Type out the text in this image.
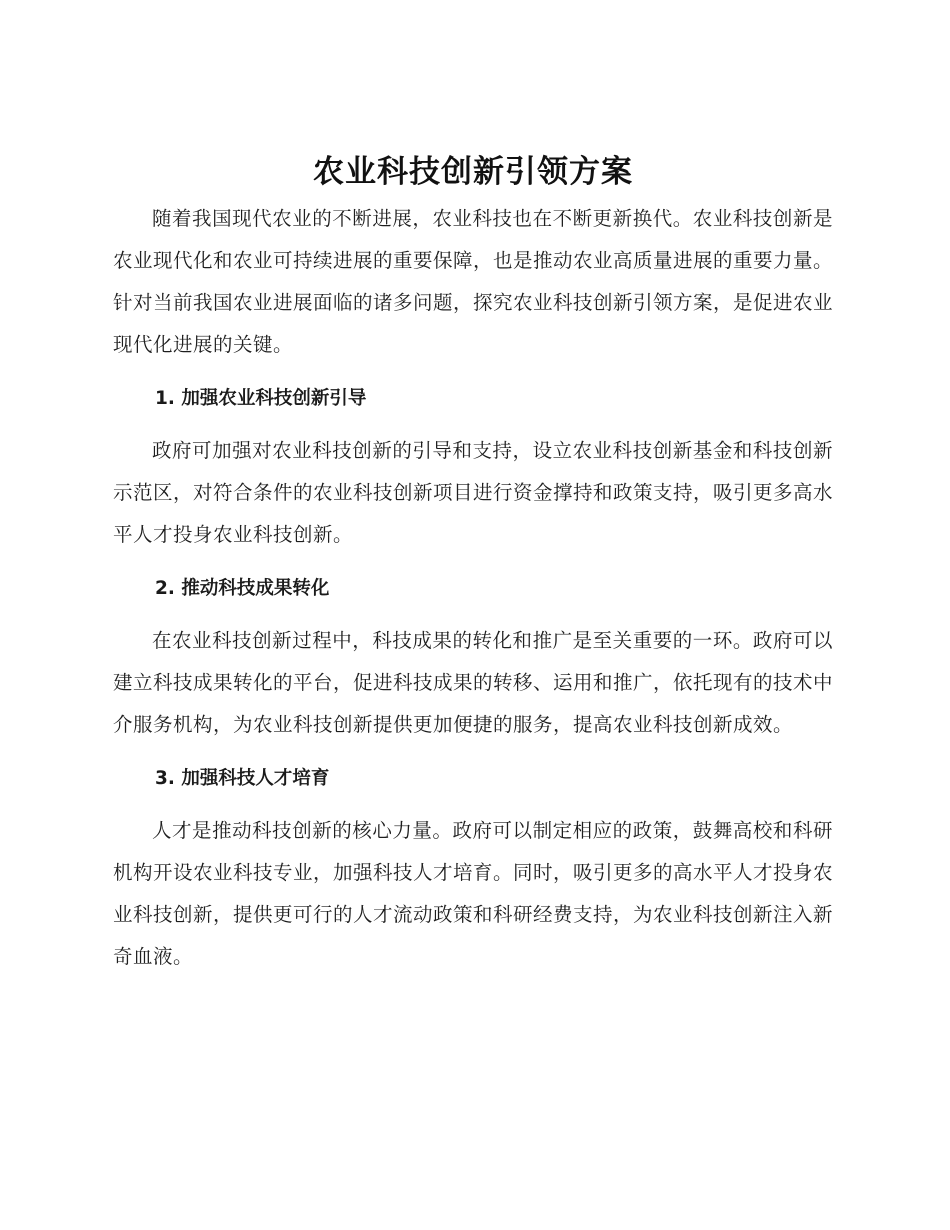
农业科技创新引领方案

随着我国现代农业的不断进展，农业科技也在不断更新换代。农业科技创新是农业现代化和农业可持续进展的重要保障，也是推动农业高质量进展的重要力量。针对当前我国农业进展面临的诸多问题，探究农业科技创新引领方案，是促进农业现代化进展的关键。

1. 加强农业科技创新引导

政府可加强对农业科技创新的引导和支持，设立农业科技创新基金和科技创新示范区，对符合条件的农业科技创新项目进行资金撑持和政策支持，吸引更多高水平人才投身农业科技创新。

2. 推动科技成果转化

在农业科技创新过程中，科技成果的转化和推广是至关重要的一环。政府可以建立科技成果转化的平台，促进科技成果的转移、运用和推广，依托现有的技术中介服务机构，为农业科技创新提供更加便捷的服务，提高农业科技创新成效。

3. 加强科技人才培育

人才是推动科技创新的核心力量。政府可以制定相应的政策，鼓舞高校和科研机构开设农业科技专业，加强科技人才培育。同时，吸引更多的高水平人才投身农业科技创新，提供更可行的人才流动政策和科研经费支持，为农业科技创新注入新奇血液。
